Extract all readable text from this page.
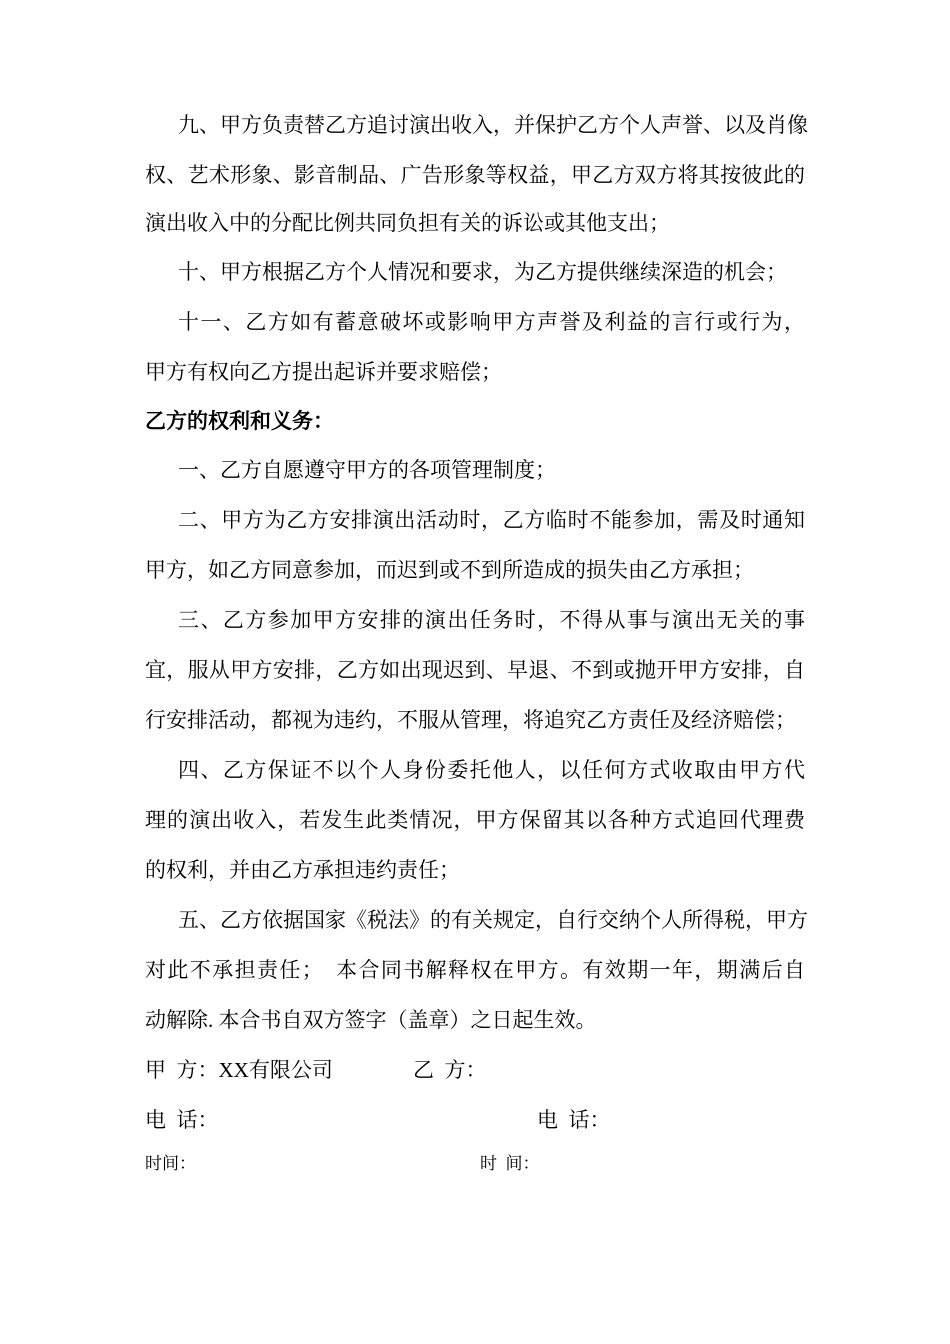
九、甲方负责替乙方追讨演出收入，并保护乙方个人声誉、以及肖像
权、艺术形象、影音制品、广告形象等权益，甲乙方双方将其按彼此的
演出收入中的分配比例共同负担有关的诉讼或其他支出；
十、甲方根据乙方个人情况和要求，为乙方提供继续深造的机会；
十一、乙方如有蓄意破坏或影响甲方声誉及利益的言行或行为，
甲方有权向乙方提出起诉并要求赔偿；
乙方的权利和义务：
一、乙方自愿遵守甲方的各项管理制度；
二、甲方为乙方安排演出活动时，乙方临时不能参加，需及时通知
甲方，如乙方同意参加，而迟到或不到所造成的损失由乙方承担；
三、乙方参加甲方安排的演出任务时，不得从事与演出无关的事
宜，服从甲方安排，乙方如出现迟到、早退、不到或抛开甲方安排，自
行安排活动，都视为违约，不服从管理，将追究乙方责任及经济赔偿；
四、乙方保证不以个人身份委托他人，以任何方式收取由甲方代
理的演出收入，若发生此类情况，甲方保留其以各种方式追回代理费
的权利，并由乙方承担违约责任；
五、乙方依据国家《税法》的有关规定，自行交纳个人所得税，甲方
对此不承担责任；　本合同书解释权在甲方。有效期一年，期满后自
动解除. 本合书自双方签字（盖章）之日起生效。
甲  方：XX有限公司	乙  方：
电  话：	电  话：
时间：	时  间：
